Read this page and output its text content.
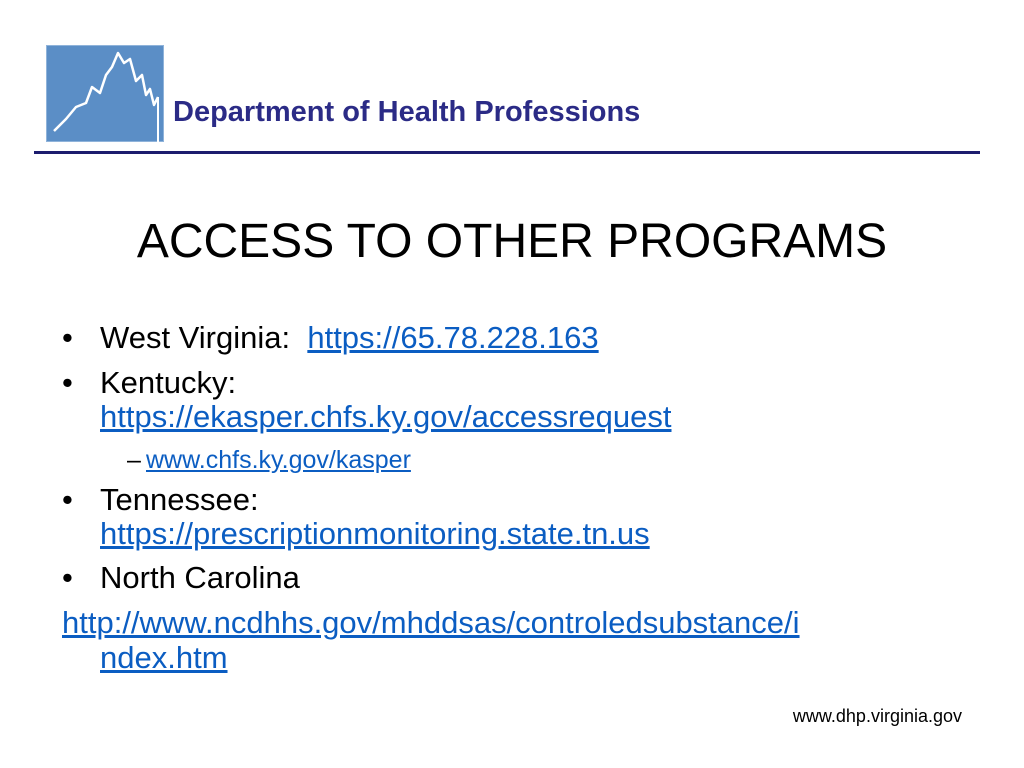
Department of Health Professions
ACCESS TO OTHER PROGRAMS
• West Virginia: https://65.78.228.163
• Kentucky:
https://ekasper.chfs.ky.gov/accessrequest
– www.chfs.ky.gov/kasper
• Tennessee:
https://prescriptionmonitoring.state.tn.us
• North Carolina
http://www.ncdhhs.gov/mhddsas/controledsubstance/i
ndex.htm
www.dhp.virginia.gov
